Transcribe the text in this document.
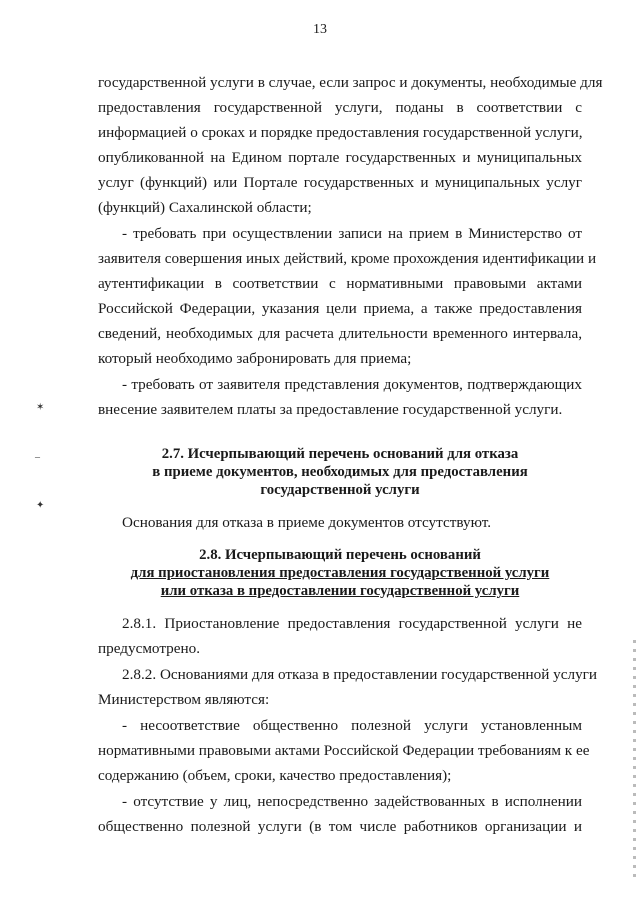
13
государственной услуги в случае, если запрос и документы, необходимые для
предоставления государственной услуги, поданы в соответствии с
информацией о сроках и порядке предоставления государственной услуги,
опубликованной на Едином портале государственных и муниципальных
услуг (функций) или Портале государственных и муниципальных услуг
(функций) Сахалинской области;
- требовать при осуществлении записи на прием в Министерство от
заявителя совершения иных действий, кроме прохождения идентификации и
аутентификации в соответствии с нормативными правовыми актами
Российской Федерации, указания цели приема, а также предоставления
сведений, необходимых для расчета длительности временного интервала,
который необходимо забронировать для приема;
- требовать от заявителя представления документов, подтверждающих
внесение заявителем платы за предоставление государственной услуги.
2.7. Исчерпывающий перечень оснований для отказа
в приеме документов, необходимых для предоставления
государственной услуги
Основания для отказа в приеме документов отсутствуют.
2.8. Исчерпывающий перечень оснований
для приостановления предоставления государственной услуги
или отказа в предоставлении государственной услуги
2.8.1. Приостановление предоставления государственной услуги не
предусмотрено.
2.8.2. Основаниями для отказа в предоставлении государственной услуги
Министерством являются:
- несоответствие общественно полезной услуги установленным
нормативными правовыми актами Российской Федерации требованиям к ее
содержанию (объем, сроки, качество предоставления);
- отсутствие у лиц, непосредственно задействованных в исполнении
общественно полезной услуги (в том числе работников организации и
✶
‒
✦
